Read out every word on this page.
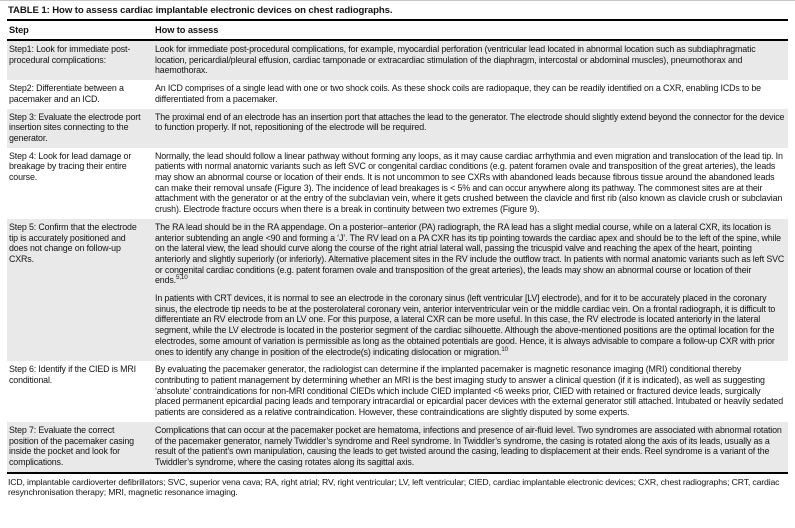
TABLE 1: How to assess cardiac implantable electronic devices on chest radiographs.
Step	How to assess
Step1: Look for immediate post-procedural complications:

Look for immediate post-procedural complications, for example, myocardial perforation (ventricular lead located in abnormal location such as subdiaphragmatic location, pericardial/pleural effusion, cardiac tamponade or extracardiac stimulation of the diaphragm, intercostal or abdominal muscles), pneumothorax and haemothorax.

Step2: Differentiate between a pacemaker and an ICD.

An ICD comprises of a single lead with one or two shock coils. As these shock coils are radiopaque, they can be readily identified on a CXR, enabling ICDs to be differentiated from a pacemaker.

Step 3: Evaluate the electrode port insertion sites connecting to the generator.

The proximal end of an electrode has an insertion port that attaches the lead to the generator. The electrode should slightly extend beyond the connector for the device to function properly. If not, repositioning of the electrode will be required.

Step 4: Look for lead damage or breakage by tracing their entire course.

Normally, the lead should follow a linear pathway without forming any loops, as it may cause cardiac arrhythmia and even migration and translocation of the lead tip. In patients with normal anatomic variants such as left SVC or congenital cardiac conditions (e.g. patent foramen ovale and transposition of the great arteries), the leads may show an abnormal course or location of their ends. It is not uncommon to see CXRs with abandoned leads because fibrous tissue around the abandoned leads can make their removal unsafe (Figure 3). The incidence of lead breakages is < 5% and can occur anywhere along its pathway. The commonest sites are at their attachment with the generator or at the entry of the subclavian vein, where it gets crushed between the clavicle and first rib (also known as clavicle crush or subclavian crush). Electrode fracture occurs when there is a break in continuity between two extremes (Figure 9).

Step 5: Confirm that the electrode tip is accurately positioned and does not change on follow-up CXRs.

The RA lead should be in the RA appendage. On a posterior–anterior (PA) radiograph, the RA lead has a slight medial course, while on a lateral CXR, its location is anterior subtending an angle <90 and forming a ‘J’. The RV lead on a PA CXR has its tip pointing towards the cardiac apex and should be to the left of the spine, while on the lateral view, the lead should curve along the course of the right atrial lateral wall, passing the tricuspid valve and reaching the apex of the heart, pointing anteriorly and slightly superiorly (or inferiorly). Alternative placement sites in the RV include the outflow tract. In patients with normal anatomic variants such as left SVC or congenital cardiac conditions (e.g. patent foramen ovale and transposition of the great arteries), the leads may show an abnormal course or location of their ends.$^{5,10}$

In patients with CRT devices, it is normal to see an electrode in the coronary sinus (left ventricular [LV] electrode), and for it to be accurately placed in the coronary sinus, the electrode tip needs to be at the posterolateral coronary vein, anterior interventricular vein or the middle cardiac vein. On a frontal radiograph, it is difficult to differentiate an RV electrode from an LV one. For this purpose, a lateral CXR can be more useful. In this case, the RV electrode is located anteriorly in the lateral segment, while the LV electrode is located in the posterior segment of the cardiac silhouette. Although the above-mentioned positions are the optimal location for the electrodes, some amount of variation is permissible as long as the obtained potentials are good. Hence, it is always advisable to compare a follow-up CXR with prior ones to identify any change in position of the electrode(s) indicating dislocation or migration.$^{10}$

Step 6: Identify if the CIED is MRI conditional.

By evaluating the pacemaker generator, the radiologist can determine if the implanted pacemaker is magnetic resonance imaging (MRI) conditional thereby contributing to patient management by determining whether an MRI is the best imaging study to answer a clinical question (if it is indicated), as well as suggesting ‘absolute’ contraindications for non-MRI conditional CIEDs which include CIED implanted <6 weeks prior, CIED with retained or fractured device leads, surgically placed permanent epicardial pacing leads and temporary intracardial or epicardial pacer devices with the external generator still attached. Intubated or heavily sedated patients are considered as a relative contraindication. However, these contraindications are slightly disputed by some experts.

Step 7: Evaluate the correct position of the pacemaker casing inside the pocket and look for complications.

Complications that can occur at the pacemaker pocket are hematoma, infections and presence of air-fluid level. Two syndromes are associated with abnormal rotation of the pacemaker generator, namely Twiddler’s syndrome and Reel syndrome. In Twiddler’s syndrome, the casing is rotated along the axis of its leads, usually as a result of the patient’s own manipulation, causing the leads to get twisted around the casing, leading to displacement at their ends. Reel syndrome is a variant of the Twiddler’s syndrome, where the casing rotates along its sagittal axis.

ICD, implantable cardioverter defibrillators; SVC, superior vena cava; RA, right atrial; RV, right ventricular; LV, left ventricular; CIED, cardiac implantable electronic devices; CXR, chest radiographs; CRT, cardiac resynchronisation therapy; MRI, magnetic resonance imaging.
